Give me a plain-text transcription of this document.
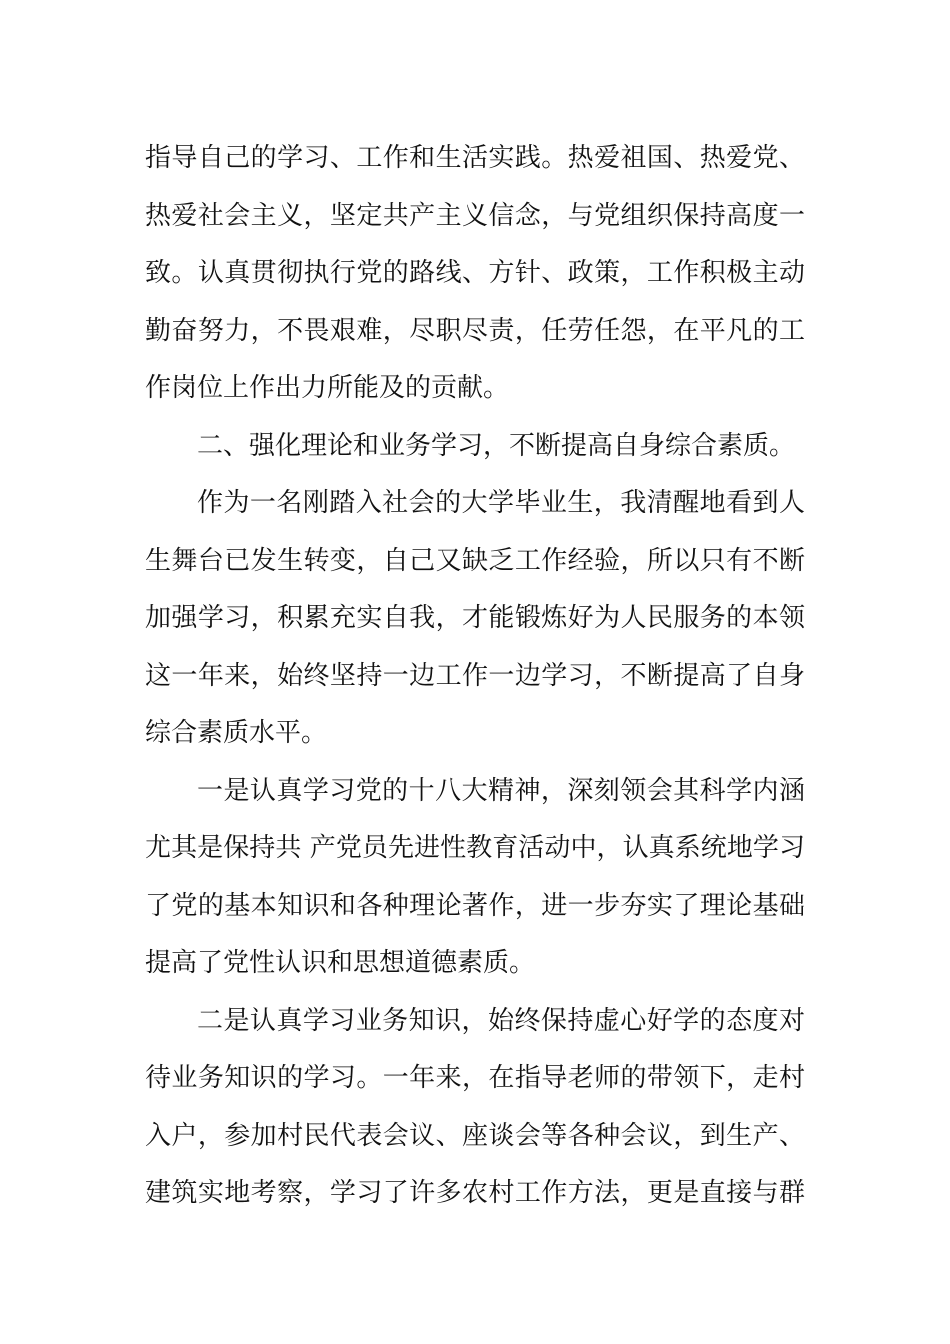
指导自己的学习、工作和生活实践。热爱祖国、热爱党、
热爱社会主义，坚定共产主义信念，与党组织保持高度一
致。认真贯彻执行党的路线、方针、政策，工作积极主动
勤奋努力，不畏艰难，尽职尽责，任劳任怨，在平凡的工
作岗位上作出力所能及的贡献。
二、强化理论和业务学习，不断提高自身综合素质。
作为一名刚踏入社会的大学毕业生，我清醒地看到人
生舞台已发生转变，自己又缺乏工作经验，所以只有不断
加强学习，积累充实自我，才能锻炼好为人民服务的本领
这一年来，始终坚持一边工作一边学习，不断提高了自身
综合素质水平。
一是认真学习党的十八大精神，深刻领会其科学内涵
尤其是保持共 产党员先进性教育活动中，认真系统地学习
了党的基本知识和各种理论著作，进一步夯实了理论基础
提高了党性认识和思想道德素质。
二是认真学习业务知识，始终保持虚心好学的态度对
待业务知识的学习。一年来，在指导老师的带领下，走村
入户，参加村民代表会议、座谈会等各种会议，到生产、
建筑实地考察，学习了许多农村工作方法，更是直接与群
